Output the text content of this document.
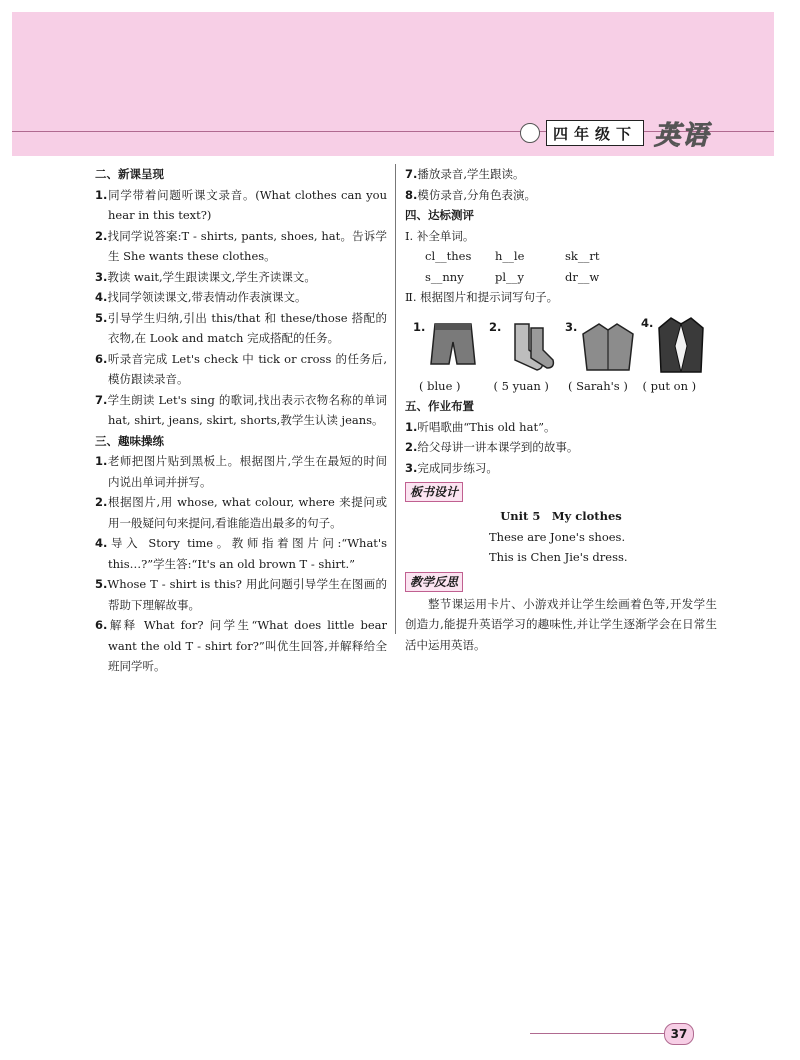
四年级下 英语
二、新课呈现
1.同学带着问题听课文录音。(What clothes can you hear in this text?)
2.找同学说答案:T - shirts, pants, shoes, hat。告诉学生 She wants these clothes。
3.教读 wait,学生跟读课文,学生齐读课文。
4.找同学领读课文,带表情动作表演课文。
5.引导学生归纳,引出 this/that 和 these/those 搭配的衣物,在 Look and match 完成搭配的任务。
6.听录音完成 Let's check 中 tick or cross 的任务后,模仿跟读录音。
7.学生朗读 Let's sing 的歌词,找出表示衣物名称的单词 hat, shirt, jeans, skirt, shorts,教学生认读 jeans。
三、趣味操练
1.老师把图片贴到黑板上。根据图片,学生在最短的时间内说出单词并拼写。
2.根据图片,用 whose, what colour, where 来提问或用一般疑问句来提问,看谁能造出最多的句子。
4.导入 Story time。教师指着图片问:“What's this…?”学生答:“It's an old brown T - shirt.”
5.Whose T - shirt is this? 用此问题引导学生在图画的帮助下理解故事。
6.解释 What for? 问学生“What does little bear want the old T - shirt for?”叫优生回答,并解释给全班同学听。
7.播放录音,学生跟读。
8.模仿录音,分角色表演。
四、达标测评
Ⅰ. 补全单词。
cl__thes	h__le	sk__rt
s__nny	pl__y	dr__w
Ⅱ. 根据图片和提示词写句子。
1.	2.	3.	4.
( blue )	( 5 yuan )	( Sarah's )	( put on )
五、作业布置
1.听唱歌曲“This old hat”。
2.给父母讲一讲本课学到的故事。
3.完成同步练习。
板书设计
Unit 5　My clothes
These are Jone's shoes.
This is Chen Jie's dress.
教学反思
整节课运用卡片、小游戏并让学生绘画着色等,开发学生创造力,能提升英语学习的趣味性,并让学生逐渐学会在日常生活中运用英语。
37
